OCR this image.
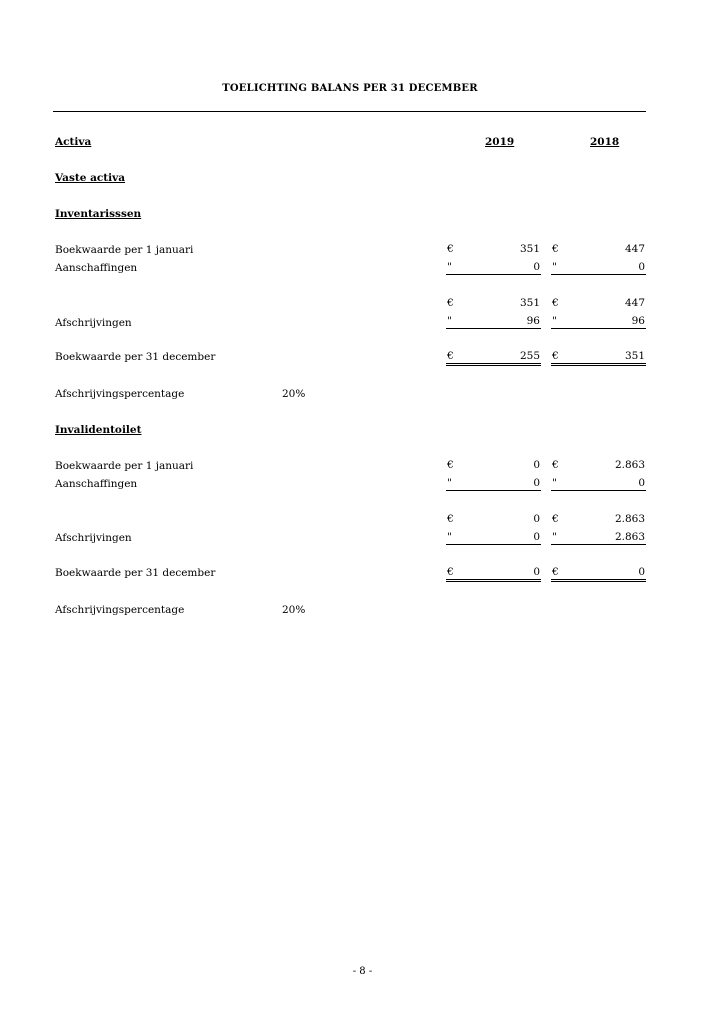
TOELICHTING BALANS PER 31 DECEMBER
Activa	2019	2018
Vaste activa
Inventarisssen
Boekwaarde per 1 januari	€	351 €	447
Aanschaffingen	"	0 "	0
€	351 €	447
Afschrijvingen	"	96 "	96
Boekwaarde per 31 december	€	255 €	351
Afschrijvingspercentage	20%
Invalidentoilet
Boekwaarde per 1 januari	€	0 €	2.863
Aanschaffingen	"	0 "	0
€	0 €	2.863
Afschrijvingen	"	0 "	2.863
Boekwaarde per 31 december	€	0 €	0
Afschrijvingspercentage	20%
- 8 -
